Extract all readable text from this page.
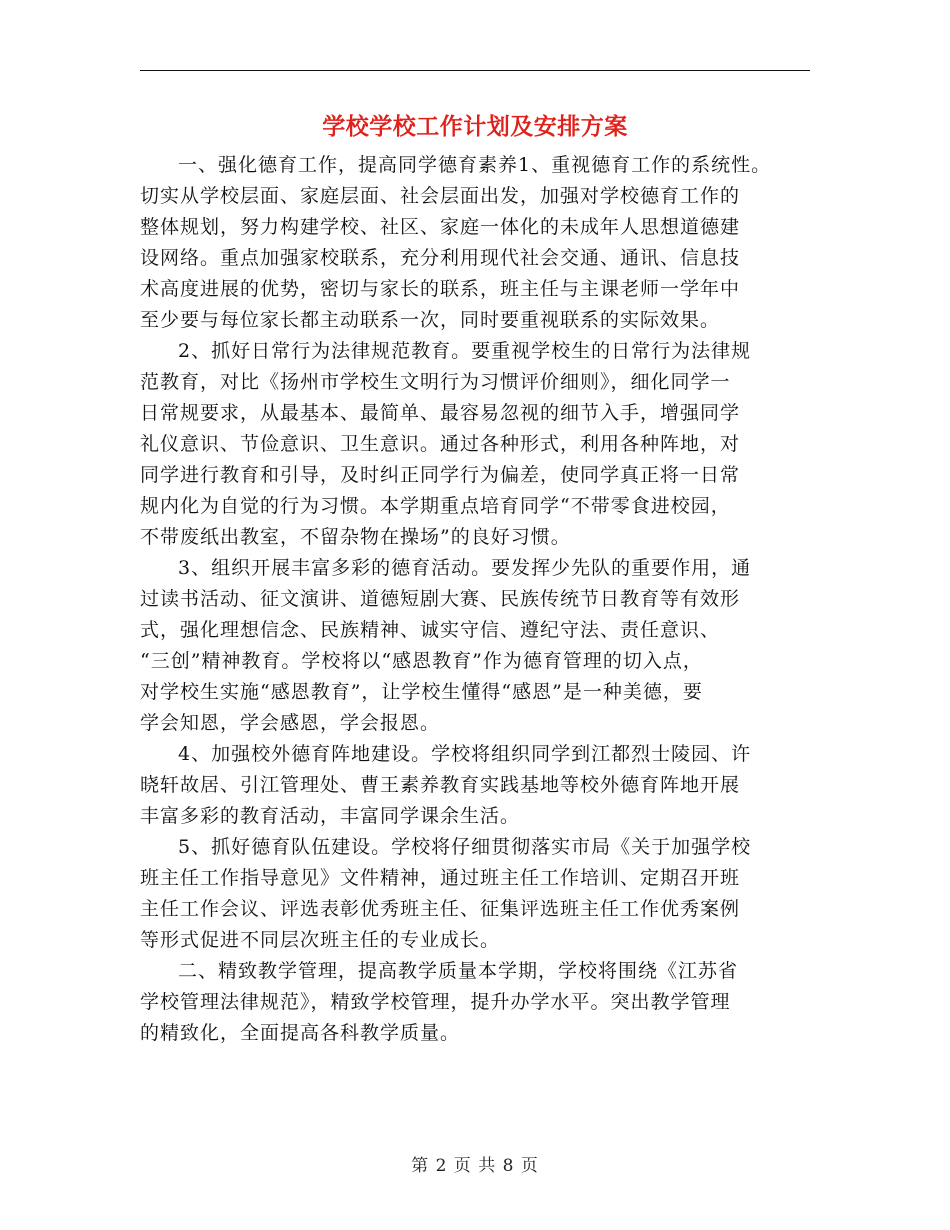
学校学校工作计划及安排方案
一、强化德育工作，提高同学德育素养1、重视德育工作的系统性。
切实从学校层面、家庭层面、社会层面出发，加强对学校德育工作的
整体规划，努力构建学校、社区、家庭一体化的未成年人思想道德建
设网络。重点加强家校联系，充分利用现代社会交通、通讯、信息技
术高度进展的优势，密切与家长的联系，班主任与主课老师一学年中
至少要与每位家长都主动联系一次，同时要重视联系的实际效果。
2、抓好日常行为法律规范教育。要重视学校生的日常行为法律规
范教育，对比《扬州市学校生文明行为习惯评价细则》，细化同学一
日常规要求，从最基本、最简单、最容易忽视的细节入手，增强同学
礼仪意识、节俭意识、卫生意识。通过各种形式，利用各种阵地，对
同学进行教育和引导，及时纠正同学行为偏差，使同学真正将一日常
规内化为自觉的行为习惯。本学期重点培育同学“不带零食进校园，
不带废纸出教室，不留杂物在操场”的良好习惯。
3、组织开展丰富多彩的德育活动。要发挥少先队的重要作用，通
过读书活动、征文演讲、道德短剧大赛、民族传统节日教育等有效形
式，强化理想信念、民族精神、诚实守信、遵纪守法、责任意识、
“三创”精神教育。学校将以“感恩教育”作为德育管理的切入点，
对学校生实施“感恩教育”，让学校生懂得“感恩”是一种美德，要
学会知恩，学会感恩，学会报恩。
4、加强校外德育阵地建设。学校将组织同学到江都烈士陵园、许
晓轩故居、引江管理处、曹王素养教育实践基地等校外德育阵地开展
丰富多彩的教育活动，丰富同学课余生活。
5、抓好德育队伍建设。学校将仔细贯彻落实市局《关于加强学校
班主任工作指导意见》文件精神，通过班主任工作培训、定期召开班
主任工作会议、评选表彰优秀班主任、征集评选班主任工作优秀案例
等形式促进不同层次班主任的专业成长。
二、精致教学管理，提高教学质量本学期，学校将围绕《江苏省
学校管理法律规范》，精致学校管理，提升办学水平。突出教学管理
的精致化，全面提高各科教学质量。
第 2 页 共 8 页
